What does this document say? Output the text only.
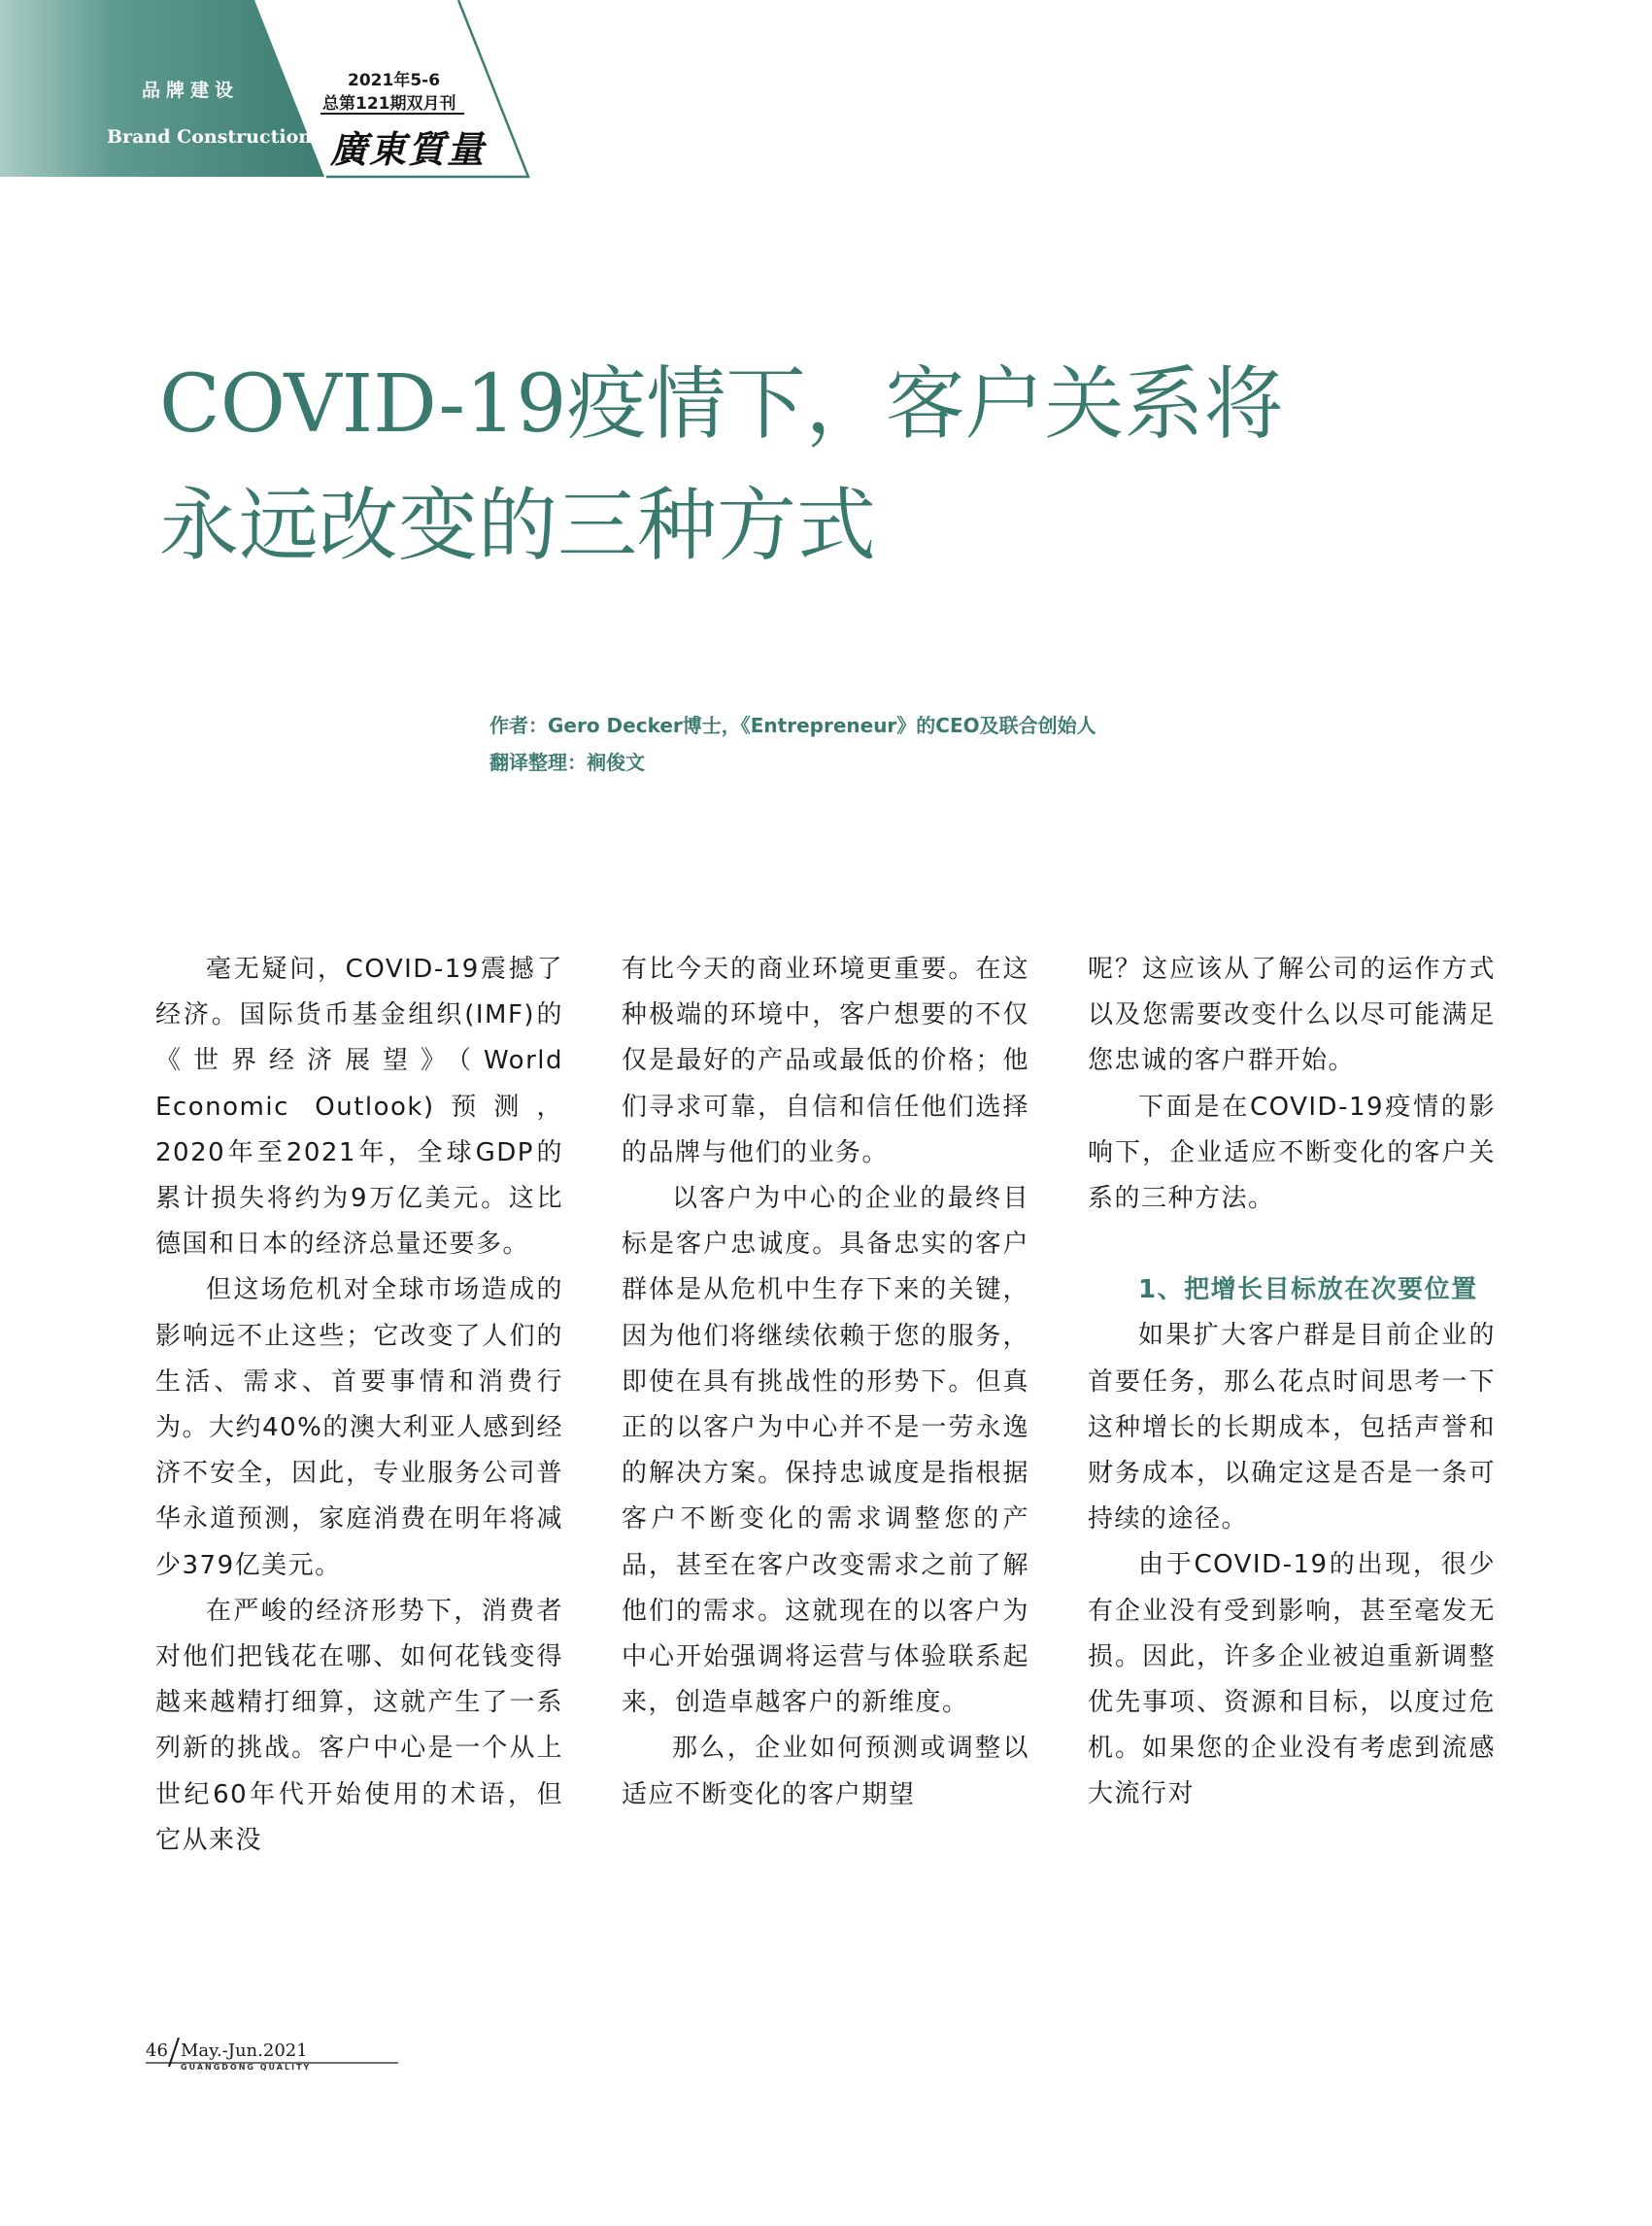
品牌建设
Brand Construction
2021年5-6
总第121期双月刊
廣東質量
COVID-19疫情下，客户关系将
永远改变的三种方式
作者：Gero Decker博士，《Entrepreneur》的CEO及联合创始人
翻译整理：裥俊文

毫无疑问，COVID-19震撼了经济。国际货币基金组织(IMF)的《世界经济展望》（World Economic Outlook)预测，2020年至2021年，全球GDP的累计损失将约为9万亿美元。这比德国和日本的经济总量还要多。

但这场危机对全球市场造成的影响远不止这些；它改变了人们的生活、需求、首要事情和消费行为。大约40%的澳大利亚人感到经济不安全，因此，专业服务公司普华永道预测，家庭消费在明年将减少379亿美元。

在严峻的经济形势下，消费者对他们把钱花在哪、如何花钱变得越来越精打细算，这就产生了一系列新的挑战。客户中心是一个从上世纪60年代开始使用的术语，但它从来没

有比今天的商业环境更重要。在这种极端的环境中，客户想要的不仅仅是最好的产品或最低的价格；他们寻求可靠，自信和信任他们选择的品牌与他们的业务。

以客户为中心的企业的最终目标是客户忠诚度。具备忠实的客户群体是从危机中生存下来的关键，因为他们将继续依赖于您的服务，即使在具有挑战性的形势下。但真正的以客户为中心并不是一劳永逸的解决方案。保持忠诚度是指根据客户不断变化的需求调整您的产品，甚至在客户改变需求之前了解他们的需求。这就现在的以客户为中心开始强调将运营与体验联系起来，创造卓越客户的新维度。

那么，企业如何预测或调整以适应不断变化的客户期望

呢？这应该从了解公司的运作方式以及您需要改变什么以尽可能满足您忠诚的客户群开始。

下面是在COVID-19疫情的影响下，企业适应不断变化的客户关系的三种方法。

1、把增长目标放在次要位置

如果扩大客户群是目前企业的首要任务，那么花点时间思考一下这种增长的长期成本，包括声誉和财务成本，以确定这是否是一条可持续的途径。

由于COVID-19的出现，很少有企业没有受到影响，甚至毫发无损。因此，许多企业被迫重新调整优先事项、资源和目标，以度过危机。如果您的企业没有考虑到流感大流行对

46 May.-Jun.2021
GUANGDONG QUALITY
